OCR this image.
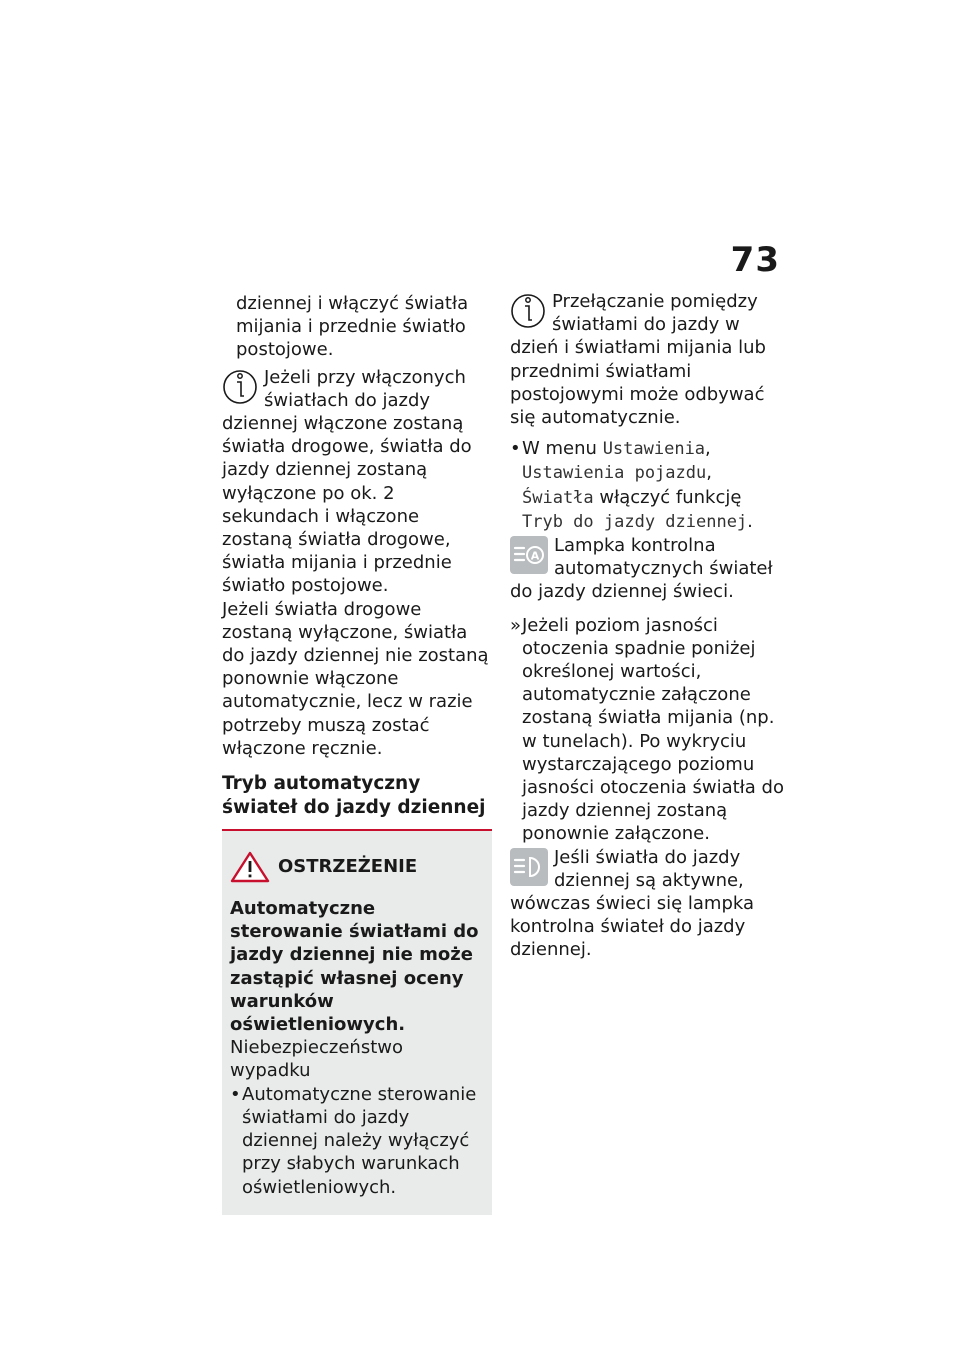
73

dziennej i włączyć światła mijania i przednie światło postojowe.

Jeżeli przy włączonych światłach do jazdy dziennej włączone zostaną światła drogowe, światła do jazdy dziennej zostaną wyłączone po ok. 2 sekundach i włączone zostaną światła drogowe, światła mijania i przednie światło postojowe.

Jeżeli światła drogowe zostaną wyłączone, światła do jazdy dziennej nie zostaną ponownie włączone automatycznie, lecz w razie potrzeby muszą zostać włączone ręcznie.

Tryb automatyczny świateł do jazdy dziennej
OSTRZEŻENIE

Automatyczne sterowanie światłami do jazdy dziennej nie może zastąpić własnej oceny warunków oświetleniowych.

Niebezpieczeństwo wypadku

• Automatyczne sterowanie światłami do jazdy dziennej należy wyłączyć przy słabych warunkach oświetleniowych.

Przełączanie pomiędzy światłami do jazdy w dzień i światłami mijania lub przednimi światłami postojowymi może odbywać się automatycznie.

• W menu Ustawienia, Ustawienia pojazdu, Światła włączyć funkcję Tryb do jazdy dziennej.
A Lampka kontrolna automatycznych świateł do jazdy dziennej świeci.

» Jeżeli poziom jasności otoczenia spadnie poniżej określonej wartości, automatycznie załączone zostaną światła mijania (np. w tunelach). Po wykryciu wystarczającego poziomu jasności otoczenia światła do jazdy dziennej zostaną ponownie załączone.

Jeśli światła do jazdy dziennej są aktywne, wówczas świeci się lampka kontrolna świateł do jazdy dziennej.
